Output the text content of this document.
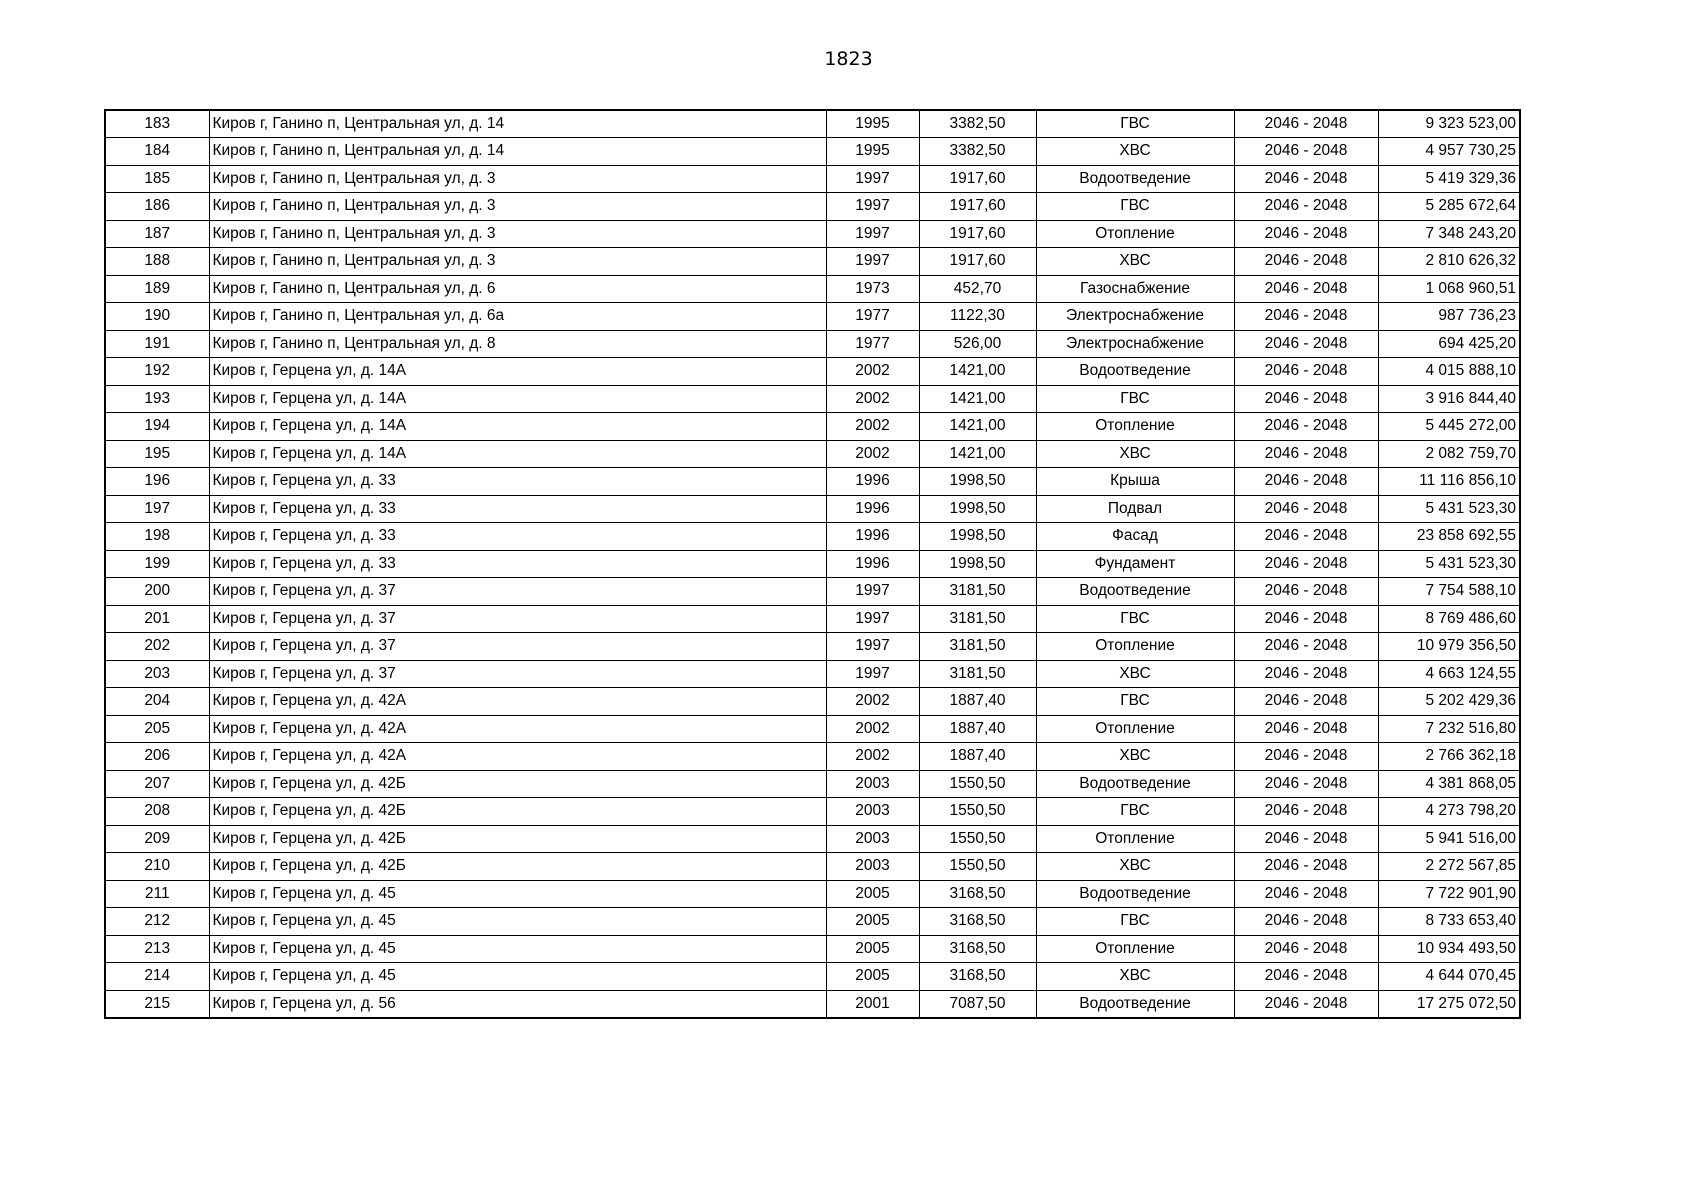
1823
183	Киров г, Ганино п, Центральная ул, д. 14	1995	3382,50	ГВС	2046 - 2048	9 323 523,00
184	Киров г, Ганино п, Центральная ул, д. 14	1995	3382,50	ХВС	2046 - 2048	4 957 730,25
185	Киров г, Ганино п, Центральная ул, д. 3	1997	1917,60	Водоотведение	2046 - 2048	5 419 329,36
186	Киров г, Ганино п, Центральная ул, д. 3	1997	1917,60	ГВС	2046 - 2048	5 285 672,64
187	Киров г, Ганино п, Центральная ул, д. 3	1997	1917,60	Отопление	2046 - 2048	7 348 243,20
188	Киров г, Ганино п, Центральная ул, д. 3	1997	1917,60	ХВС	2046 - 2048	2 810 626,32
189	Киров г, Ганино п, Центральная ул, д. 6	1973	452,70	Газоснабжение	2046 - 2048	1 068 960,51
190	Киров г, Ганино п, Центральная ул, д. 6а	1977	1122,30	Электроснабжение	2046 - 2048	987 736,23
191	Киров г, Ганино п, Центральная ул, д. 8	1977	526,00	Электроснабжение	2046 - 2048	694 425,20
192	Киров г, Герцена ул, д. 14А	2002	1421,00	Водоотведение	2046 - 2048	4 015 888,10
193	Киров г, Герцена ул, д. 14А	2002	1421,00	ГВС	2046 - 2048	3 916 844,40
194	Киров г, Герцена ул, д. 14А	2002	1421,00	Отопление	2046 - 2048	5 445 272,00
195	Киров г, Герцена ул, д. 14А	2002	1421,00	ХВС	2046 - 2048	2 082 759,70
196	Киров г, Герцена ул, д. 33	1996	1998,50	Крыша	2046 - 2048	11 116 856,10
197	Киров г, Герцена ул, д. 33	1996	1998,50	Подвал	2046 - 2048	5 431 523,30
198	Киров г, Герцена ул, д. 33	1996	1998,50	Фасад	2046 - 2048	23 858 692,55
199	Киров г, Герцена ул, д. 33	1996	1998,50	Фундамент	2046 - 2048	5 431 523,30
200	Киров г, Герцена ул, д. 37	1997	3181,50	Водоотведение	2046 - 2048	7 754 588,10
201	Киров г, Герцена ул, д. 37	1997	3181,50	ГВС	2046 - 2048	8 769 486,60
202	Киров г, Герцена ул, д. 37	1997	3181,50	Отопление	2046 - 2048	10 979 356,50
203	Киров г, Герцена ул, д. 37	1997	3181,50	ХВС	2046 - 2048	4 663 124,55
204	Киров г, Герцена ул, д. 42А	2002	1887,40	ГВС	2046 - 2048	5 202 429,36
205	Киров г, Герцена ул, д. 42А	2002	1887,40	Отопление	2046 - 2048	7 232 516,80
206	Киров г, Герцена ул, д. 42А	2002	1887,40	ХВС	2046 - 2048	2 766 362,18
207	Киров г, Герцена ул, д. 42Б	2003	1550,50	Водоотведение	2046 - 2048	4 381 868,05
208	Киров г, Герцена ул, д. 42Б	2003	1550,50	ГВС	2046 - 2048	4 273 798,20
209	Киров г, Герцена ул, д. 42Б	2003	1550,50	Отопление	2046 - 2048	5 941 516,00
210	Киров г, Герцена ул, д. 42Б	2003	1550,50	ХВС	2046 - 2048	2 272 567,85
211	Киров г, Герцена ул, д. 45	2005	3168,50	Водоотведение	2046 - 2048	7 722 901,90
212	Киров г, Герцена ул, д. 45	2005	3168,50	ГВС	2046 - 2048	8 733 653,40
213	Киров г, Герцена ул, д. 45	2005	3168,50	Отопление	2046 - 2048	10 934 493,50
214	Киров г, Герцена ул, д. 45	2005	3168,50	ХВС	2046 - 2048	4 644 070,45
215	Киров г, Герцена ул, д. 56	2001	7087,50	Водоотведение	2046 - 2048	17 275 072,50
